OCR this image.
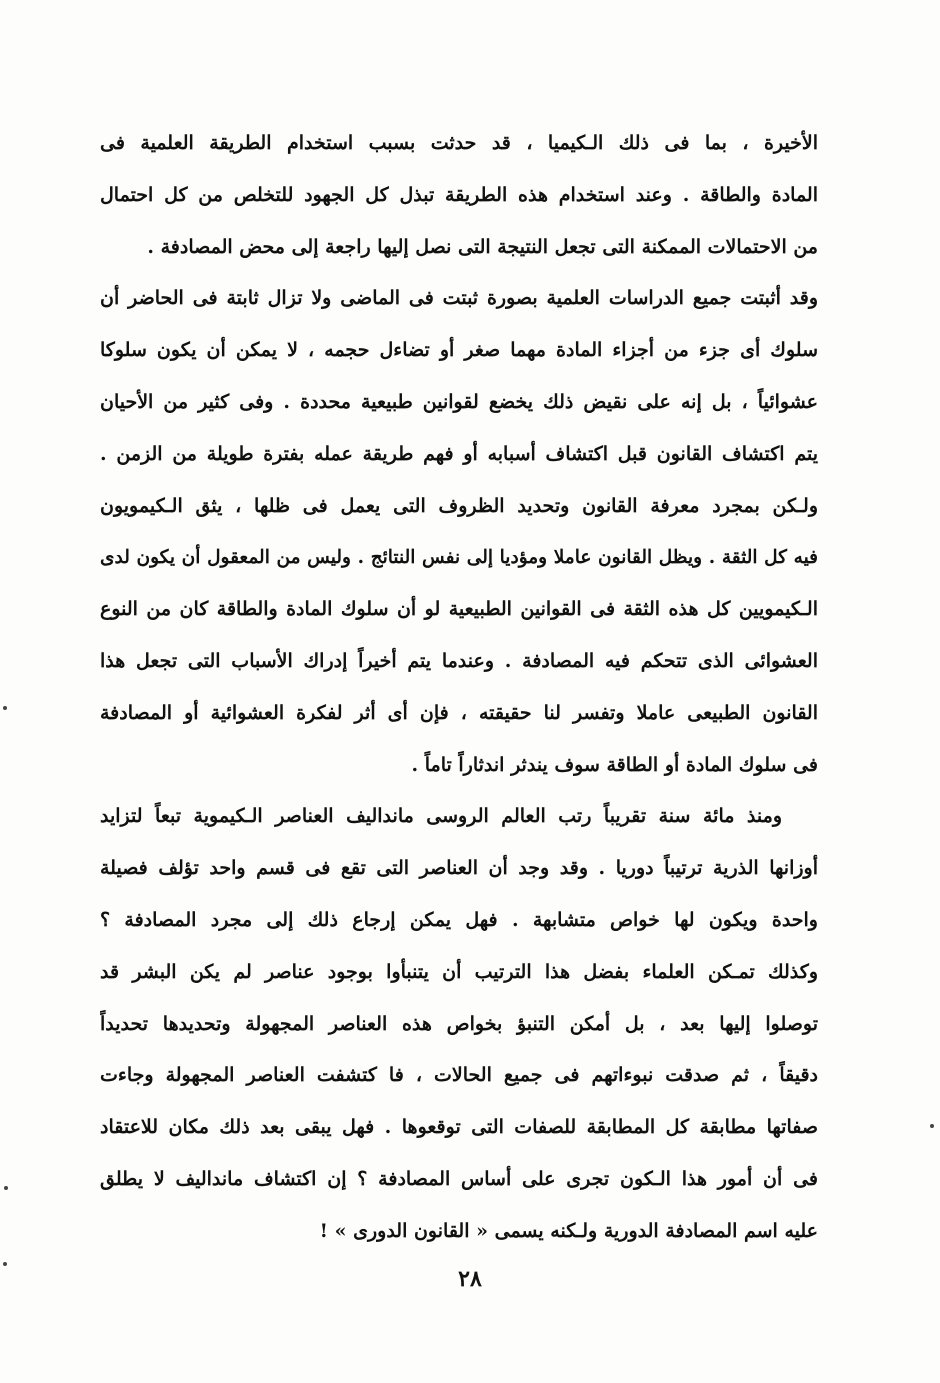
الأخيرة ، بما فى ذلك الـكيميا ، قد حدثت بسبب استخدام الطريقة العلمية فى
المادة والطاقة . وعند استخدام هذه الطريقة تبذل كل الجهود للتخلص من كل احتمال
من الاحتمالات الممكنة التى تجعل النتيجة التى نصل إليها راجعة إلى محض المصادفة .
وقد أثبتت جميع الدراسات العلمية بصورة ثبتت فى الماضى ولا تزال ثابتة فى الحاضر أن
سلوك أى جزء من أجزاء المادة مهما صغر أو تضاءل حجمه ، لا يمكن أن يكون سلوكا
عشوائياً ، بل إنه على نقيض ذلك يخضع لقوانين طبيعية محددة . وفى كثير من الأحيان
يتم اكتشاف القانون قبل اكتشاف أسبابه أو فهم طريقة عمله بفترة طويلة من الزمن .
ولـكن بمجرد معرفة القانون وتحديد الظروف التى يعمل فى ظلها ، يثق الـكيمويون
فيه كل الثقة . ويظل القانون عاملا ومؤديا إلى نفس النتائج . وليس من المعقول أن يكون لدى
الـكيمويين كل هذه الثقة فى القوانين الطبيعية لو أن سلوك المادة والطاقة كان من النوع
العشوائى الذى تتحكم فيه المصادفة . وعندما يتم أخيراً إدراك الأسباب التى تجعل هذا
القانون الطبيعى عاملا وتفسر لنا حقيقته ، فإن أى أثر لفكرة العشوائية أو المصادفة
فى سلوك المادة أو الطاقة سوف يندثر اندثاراً تاماً .
ومنذ مائة سنة تقريباً رتب العالم الروسى مانداليف العناصر الـكيموية تبعاً لتزايد
أوزانها الذرية ترتيباً دوريا . وقد وجد أن العناصر التى تقع فى قسم واحد تؤلف فصيلة
واحدة ويكون لها خواص متشابهة . فهل يمكن إرجاع ذلك إلى مجرد المصادفة ؟
وكذلك تمـكن العلماء بفضل هذا الترتيب أن يتنبأوا بوجود عناصر لم يكن البشر قد
توصلوا إليها بعد ، بل أمكن التنبؤ بخواص هذه العناصر المجهولة وتحديدها تحديداً
دقيقاً ، ثم صدقت نبوءاتهم فى جميع الحالات ، فا كتشفت العناصر المجهولة وجاءت
صفاتها مطابقة كل المطابقة للصفات التى توقعوها . فهل يبقى بعد ذلك مكان للاعتقاد
فى أن أمور هذا الـكون تجرى على أساس المصادفة ؟ إن اكتشاف مانداليف لا يطلق
عليه اسم المصادفة الدورية ولـكنه يسمى « القانون الدورى » !
٢٨
